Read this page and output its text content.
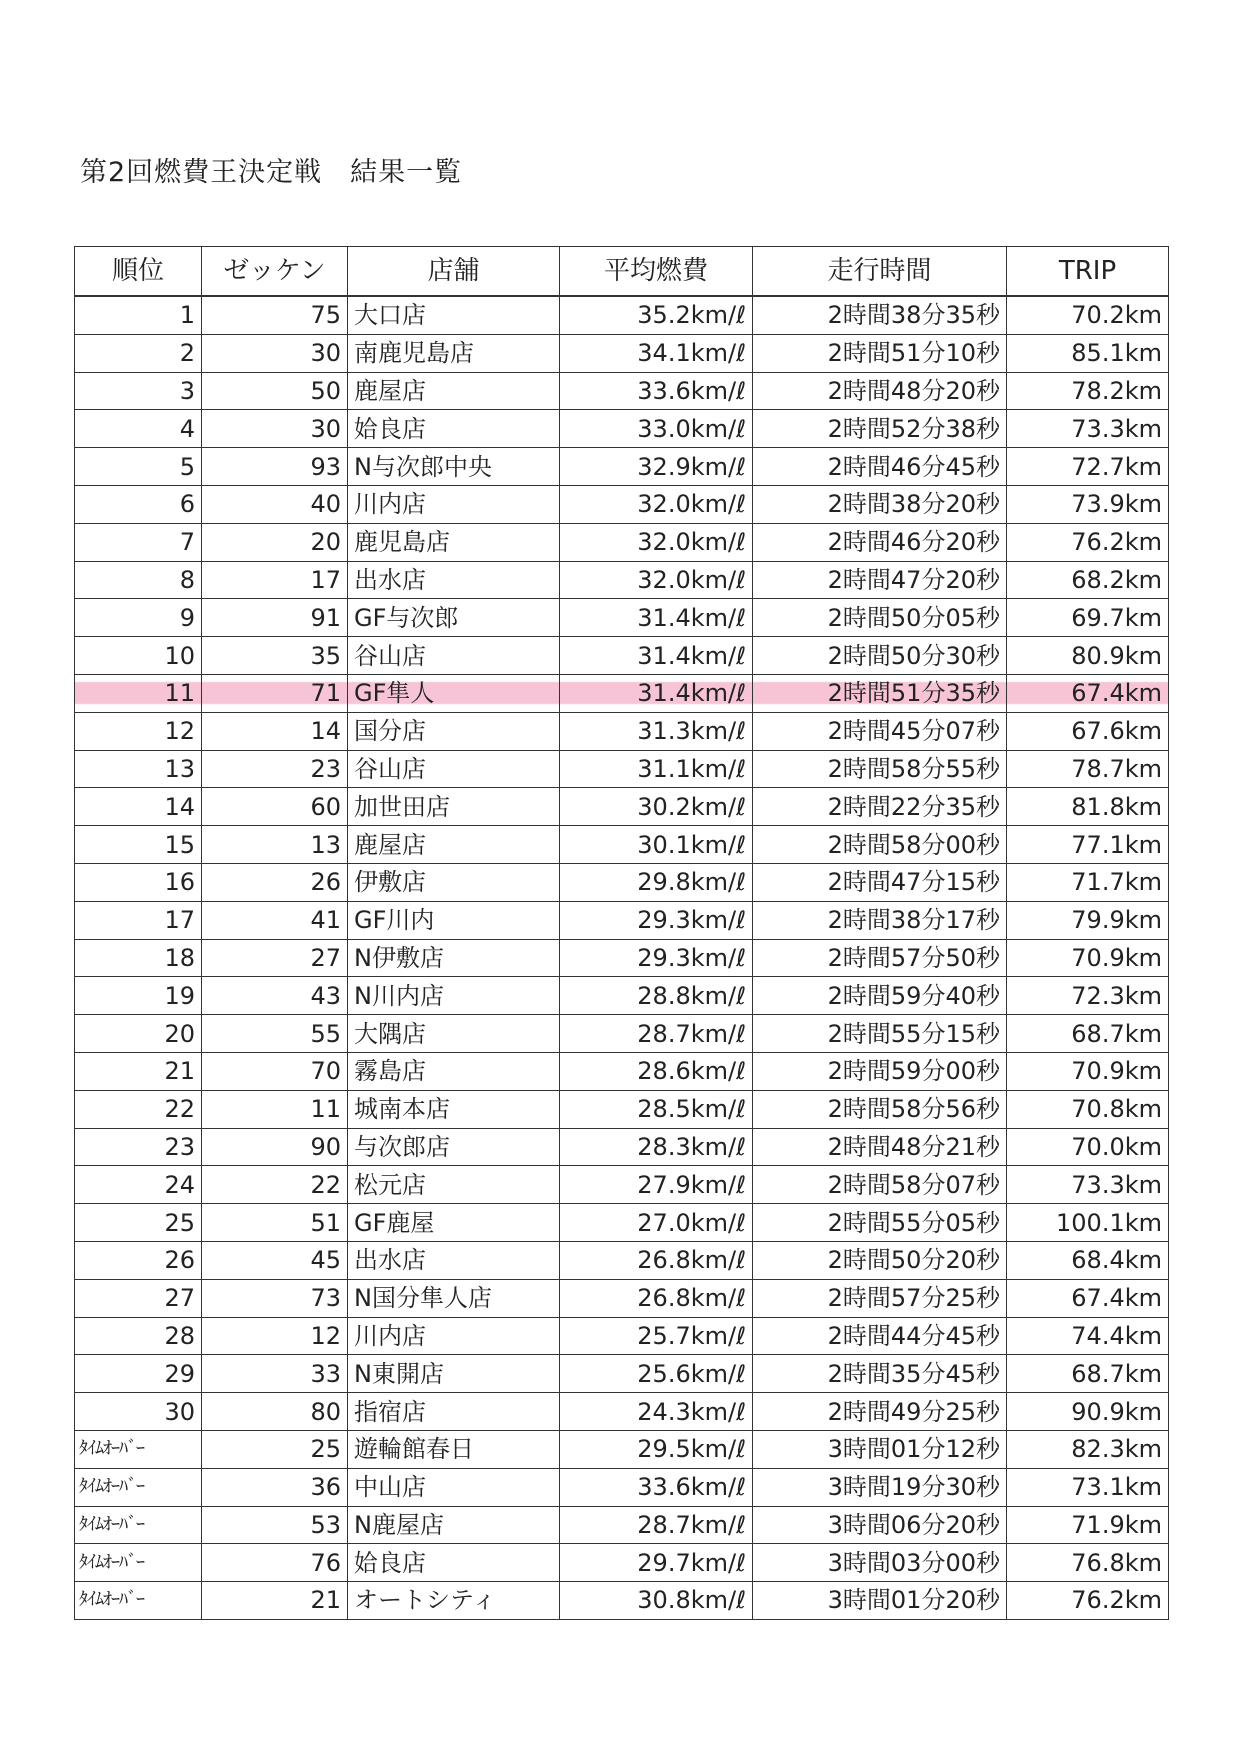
第2回燃費王決定戦　結果一覧
順位	ゼッケン	店舗	平均燃費	走行時間	TRIP
1	75	大口店	35.2km/ℓ	2時間38分35秒	70.2km
2	30	南鹿児島店	34.1km/ℓ	2時間51分10秒	85.1km
3	50	鹿屋店	33.6km/ℓ	2時間48分20秒	78.2km
4	30	姶良店	33.0km/ℓ	2時間52分38秒	73.3km
5	93	N与次郎中央	32.9km/ℓ	2時間46分45秒	72.7km
6	40	川内店	32.0km/ℓ	2時間38分20秒	73.9km
7	20	鹿児島店	32.0km/ℓ	2時間46分20秒	76.2km
8	17	出水店	32.0km/ℓ	2時間47分20秒	68.2km
9	91	GF与次郎	31.4km/ℓ	2時間50分05秒	69.7km
10	35	谷山店	31.4km/ℓ	2時間50分30秒	80.9km
11	71	GF隼人	31.4km/ℓ	2時間51分35秒	67.4km
12	14	国分店	31.3km/ℓ	2時間45分07秒	67.6km
13	23	谷山店	31.1km/ℓ	2時間58分55秒	78.7km
14	60	加世田店	30.2km/ℓ	2時間22分35秒	81.8km
15	13	鹿屋店	30.1km/ℓ	2時間58分00秒	77.1km
16	26	伊敷店	29.8km/ℓ	2時間47分15秒	71.7km
17	41	GF川内	29.3km/ℓ	2時間38分17秒	79.9km
18	27	N伊敷店	29.3km/ℓ	2時間57分50秒	70.9km
19	43	N川内店	28.8km/ℓ	2時間59分40秒	72.3km
20	55	大隅店	28.7km/ℓ	2時間55分15秒	68.7km
21	70	霧島店	28.6km/ℓ	2時間59分00秒	70.9km
22	11	城南本店	28.5km/ℓ	2時間58分56秒	70.8km
23	90	与次郎店	28.3km/ℓ	2時間48分21秒	70.0km
24	22	松元店	27.9km/ℓ	2時間58分07秒	73.3km
25	51	GF鹿屋	27.0km/ℓ	2時間55分05秒	100.1km
26	45	出水店	26.8km/ℓ	2時間50分20秒	68.4km
27	73	N国分隼人店	26.8km/ℓ	2時間57分25秒	67.4km
28	12	川内店	25.7km/ℓ	2時間44分45秒	74.4km
29	33	N東開店	25.6km/ℓ	2時間35分45秒	68.7km
30	80	指宿店	24.3km/ℓ	2時間49分25秒	90.9km
ﾀｲﾑｵｰﾊﾞｰ	25	遊輪館春日	29.5km/ℓ	3時間01分12秒	82.3km
ﾀｲﾑｵｰﾊﾞｰ	36	中山店	33.6km/ℓ	3時間19分30秒	73.1km
ﾀｲﾑｵｰﾊﾞｰ	53	N鹿屋店	28.7km/ℓ	3時間06分20秒	71.9km
ﾀｲﾑｵｰﾊﾞｰ	76	姶良店	29.7km/ℓ	3時間03分00秒	76.8km
ﾀｲﾑｵｰﾊﾞｰ	21	オートシティ	30.8km/ℓ	3時間01分20秒	76.2km
